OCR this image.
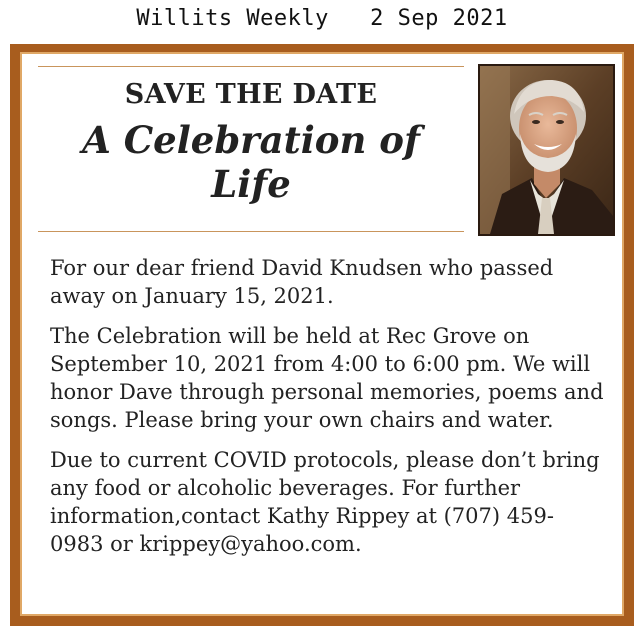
Willits Weekly 2 Sep 2021
SAVE THE DATE
A Celebration of Life

For our dear friend David Knudsen who passed away on January 15, 2021.

The Celebration will be held at Rec Grove on September 10, 2021 from 4:00 to 6:00 pm. We will honor Dave through personal memories, poems and songs. Please bring your own chairs and water.

Due to current COVID protocols, please don’t bring any food or alcoholic beverages. For further information,contact Kathy Rippey at (707) 459-0983 or krippey@yahoo.com.
